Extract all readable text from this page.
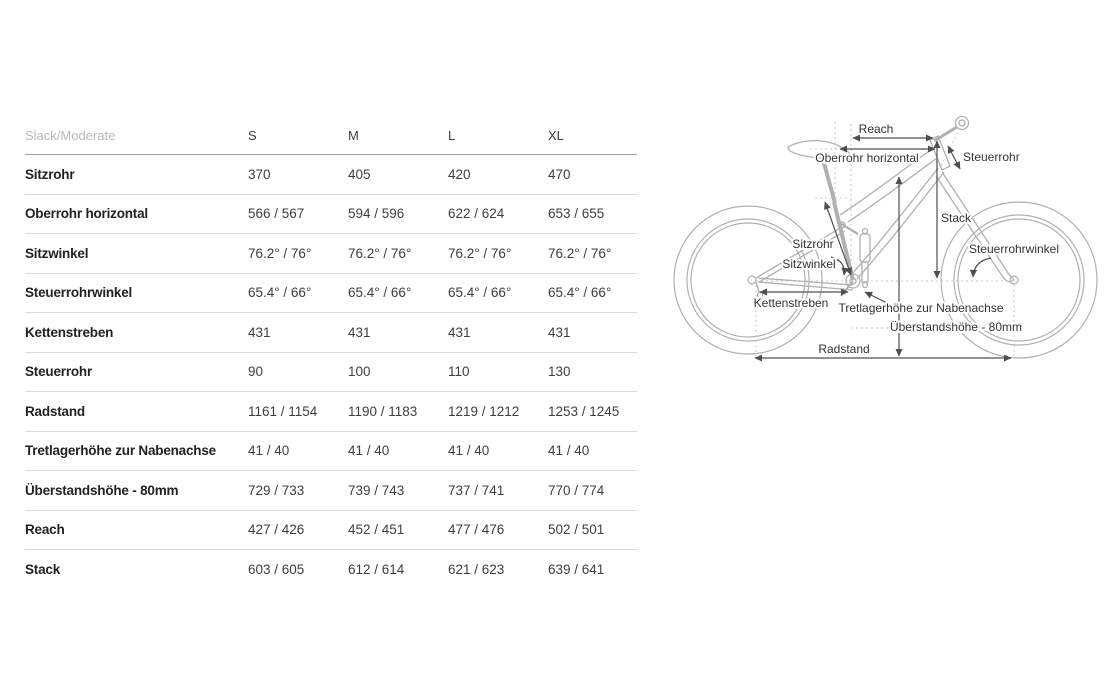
Slack/Moderate	S	M	L	XL
Sitzrohr	370	405	420	470
Oberrohr horizontal	566 / 567	594 / 596	622 / 624	653 / 655
Sitzwinkel	76.2° / 76°	76.2° / 76°	76.2° / 76°	76.2° / 76°
Steuerrohrwinkel	65.4° / 66°	65.4° / 66°	65.4° / 66°	65.4° / 66°
Kettenstreben	431	431	431	431
Steuerrohr	90	100	110	130
Radstand	1161 / 1154	1190 / 1183	1219 / 1212	1253 / 1245
Tretlagerhöhe zur Nabenachse	41 / 40	41 / 40	41 / 40	41 / 40
Überstandshöhe - 80mm	729 / 733	739 / 743	737 / 741	770 / 774
Reach	427 / 426	452 / 451	477 / 476	502 / 501
Stack	603 / 605	612 / 614	621 / 623	639 / 641
Reach
Oberrohr horizontal	Steuerrohr
Stack
Sitzrohr
Sitzwinkel
Steuerrohrwinkel
Kettenstreben Tretlagerhöhe zur Nabenachse
Überstandshöhe - 80mm
Radstand
